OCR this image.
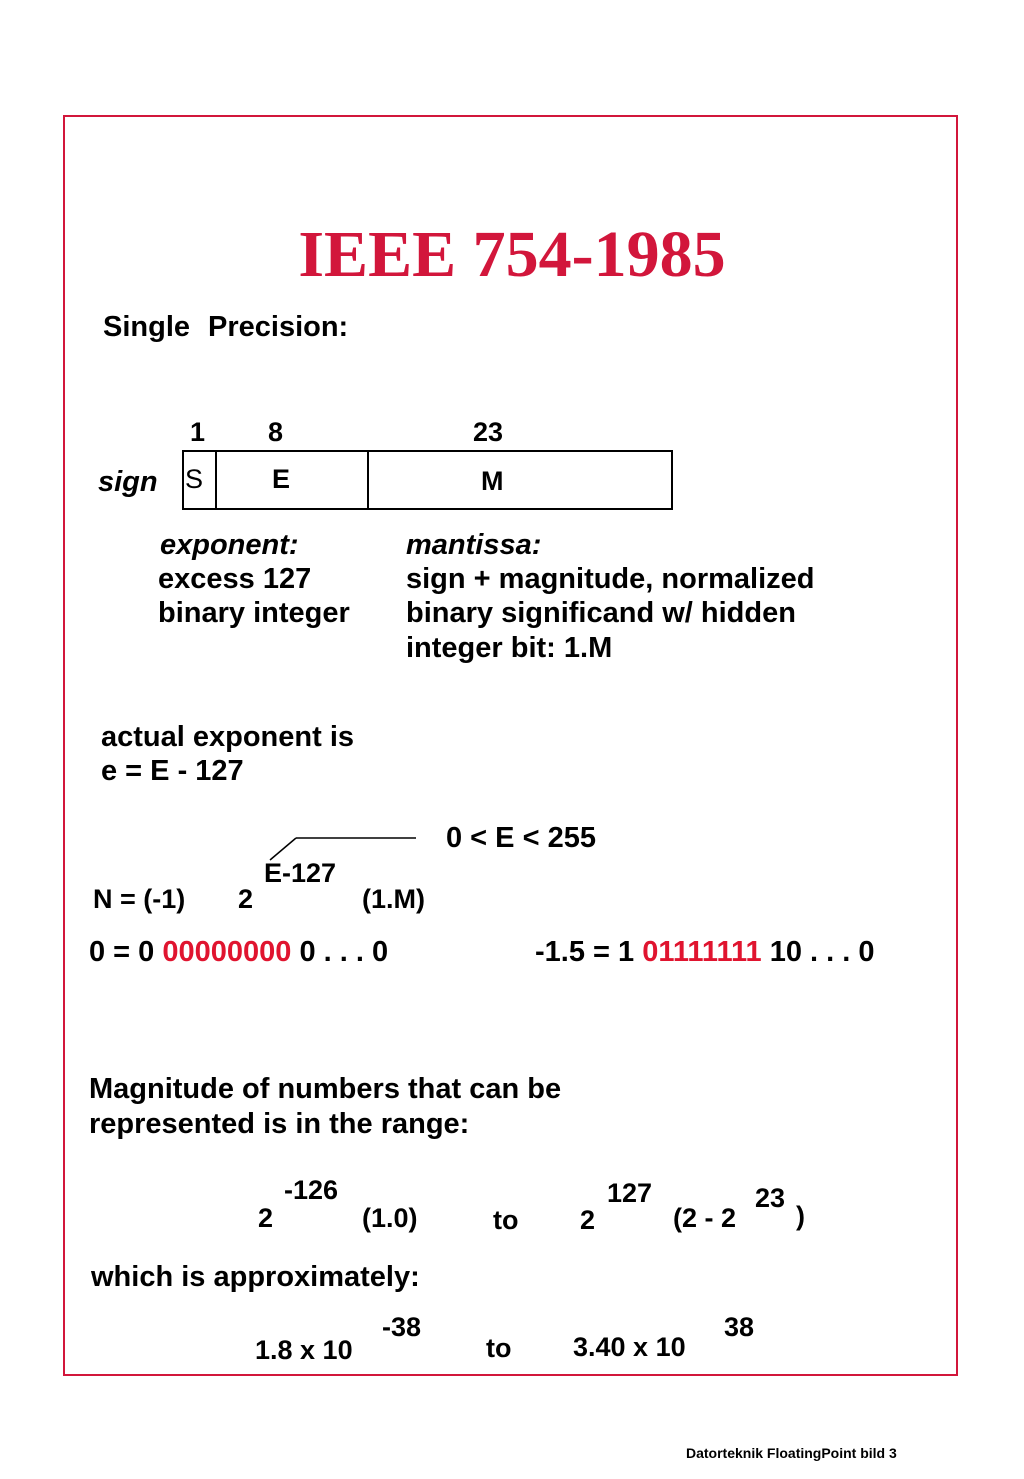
IEEE 754-1985
Single Precision:
1 8	23
sign S	E	M
exponent:
excess 127
binary integer
mantissa:
sign + magnitude, normalized
binary significand w/ hidden
integer bit: 1.M
actual exponent is
e = E - 127
0 < E < 255
N = (-1) 2
E-127
(1.M)
0 = 0 00000000 0 . . . 0	-1.5 = 1 01111111 10 . . . 0
Magnitude of numbers that can be
represented is in the range:
2
-126
(1.0)	to 2
127
(2 - 2
23
)
which is approximately:
1.8 x 10
-38
to 3.40 x 10
38
Datorteknik FloatingPoint bild 3
